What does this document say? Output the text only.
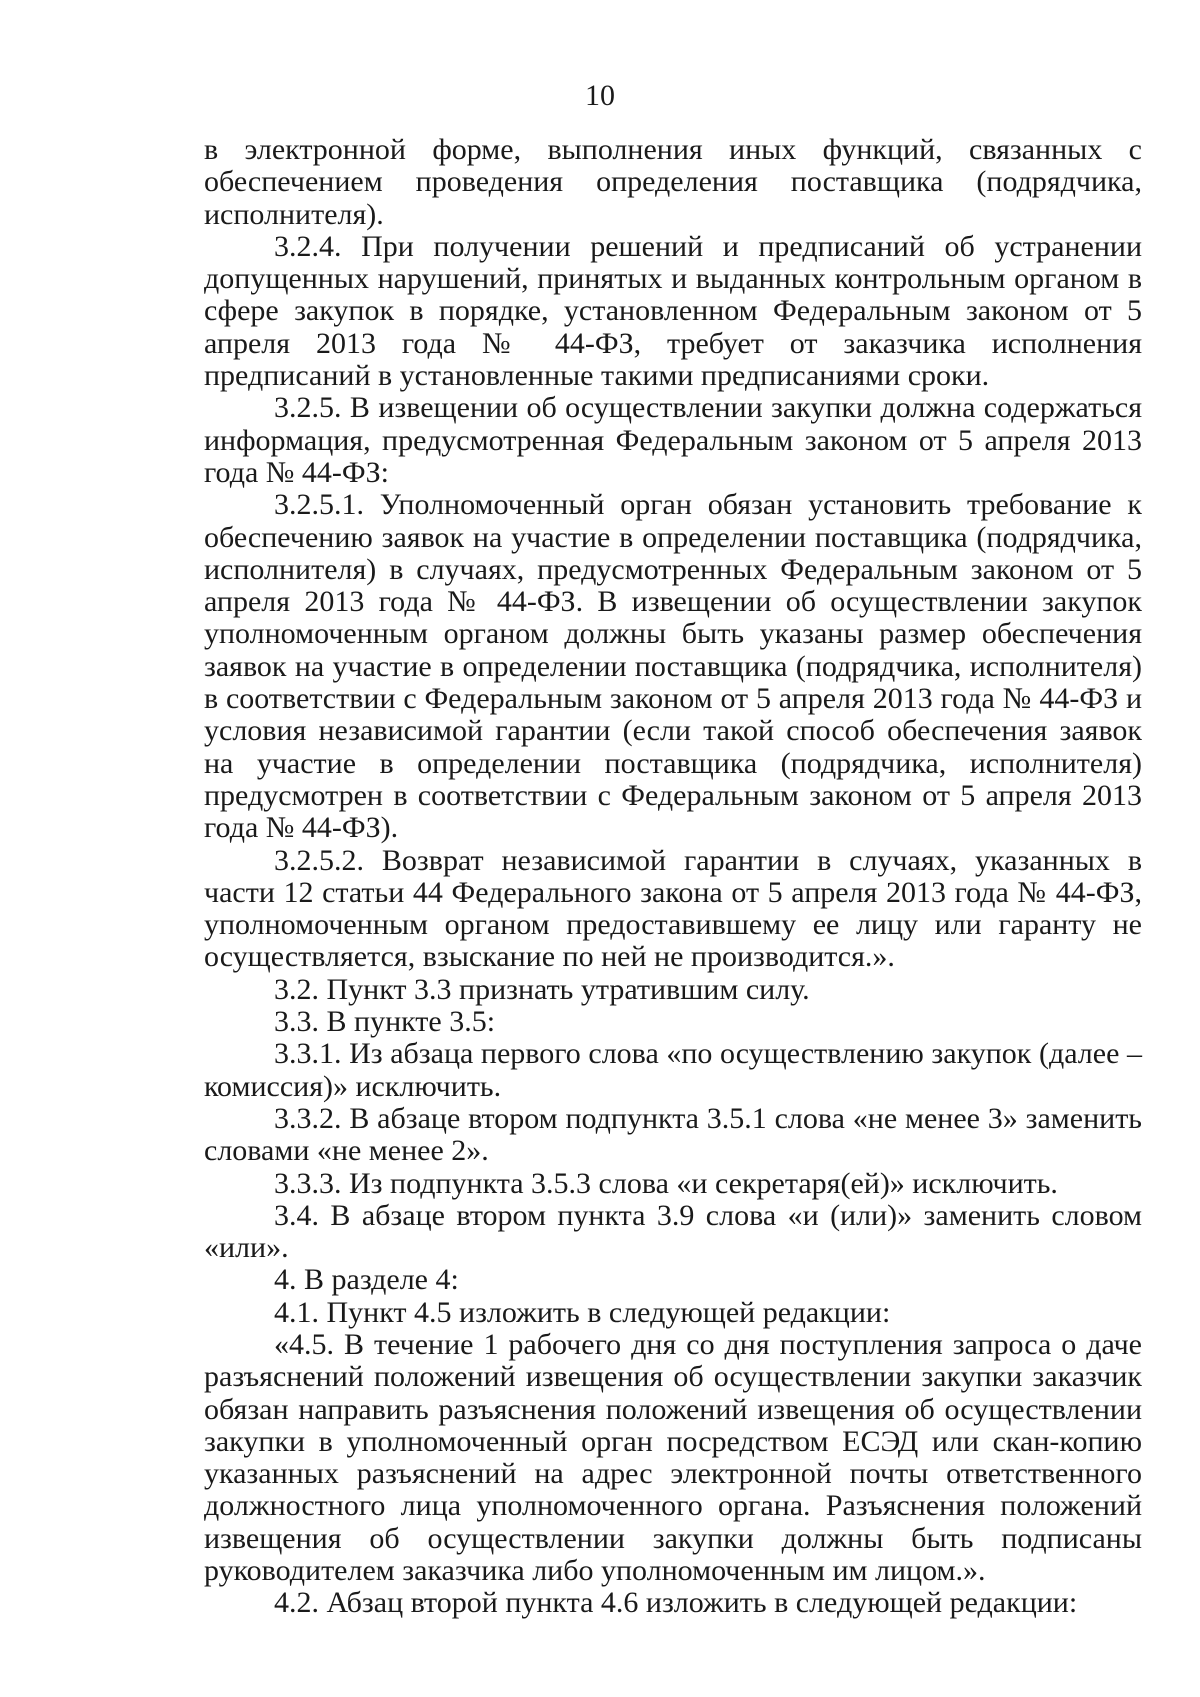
10

в электронной форме, выполнения иных функций, связанных с обеспечением проведения определения поставщика (подрядчика, исполнителя).

3.2.4. При получении решений и предписаний об устранении допущенных нарушений, принятых и выданных контрольным органом в сфере закупок в порядке, установленном Федеральным законом от 5 апреля 2013 года № 44-ФЗ, требует от заказчика исполнения предписаний в установленные такими предписаниями сроки.

3.2.5. В извещении об осуществлении закупки должна содержаться информация, предусмотренная Федеральным законом от 5 апреля 2013 года № 44-ФЗ:

3.2.5.1. Уполномоченный орган обязан установить требование к обеспечению заявок на участие в определении поставщика (подрядчика, исполнителя) в случаях, предусмотренных Федеральным законом от 5 апреля 2013 года № 44-ФЗ. В извещении об осуществлении закупок уполномоченным органом должны быть указаны размер обеспечения заявок на участие в определении поставщика (подрядчика, исполнителя) в соответствии с Федеральным законом от 5 апреля 2013 года № 44-ФЗ и условия независимой гарантии (если такой способ обеспечения заявок на участие в определении поставщика (подрядчика, исполнителя) предусмотрен в соответствии с Федеральным законом от 5 апреля 2013 года № 44-ФЗ).

3.2.5.2. Возврат независимой гарантии в случаях, указанных в части 12 статьи 44 Федерального закона от 5 апреля 2013 года № 44-ФЗ, уполномоченным органом предоставившему ее лицу или гаранту не осуществляется, взыскание по ней не производится.».

3.2. Пункт 3.3 признать утратившим силу.

3.3. В пункте 3.5:

3.3.1. Из абзаца первого слова «по осуществлению закупок (далее – комиссия)» исключить.

3.3.2. В абзаце втором подпункта 3.5.1 слова «не менее 3» заменить словами «не менее 2».

3.3.3. Из подпункта 3.5.3 слова «и секретаря(ей)» исключить.

3.4. В абзаце втором пункта 3.9 слова «и (или)» заменить словом «или».

4. В разделе 4:

4.1. Пункт 4.5 изложить в следующей редакции:

«4.5. В течение 1 рабочего дня со дня поступления запроса о даче разъяснений положений извещения об осуществлении закупки заказчик обязан направить разъяснения положений извещения об осуществлении закупки в уполномоченный орган посредством ЕСЭД или скан-копию указанных разъяснений на адрес электронной почты ответственного должностного лица уполномоченного органа. Разъяснения положений извещения об осуществлении закупки должны быть подписаны руководителем заказчика либо уполномоченным им лицом.».

4.2. Абзац второй пункта 4.6 изложить в следующей редакции:
